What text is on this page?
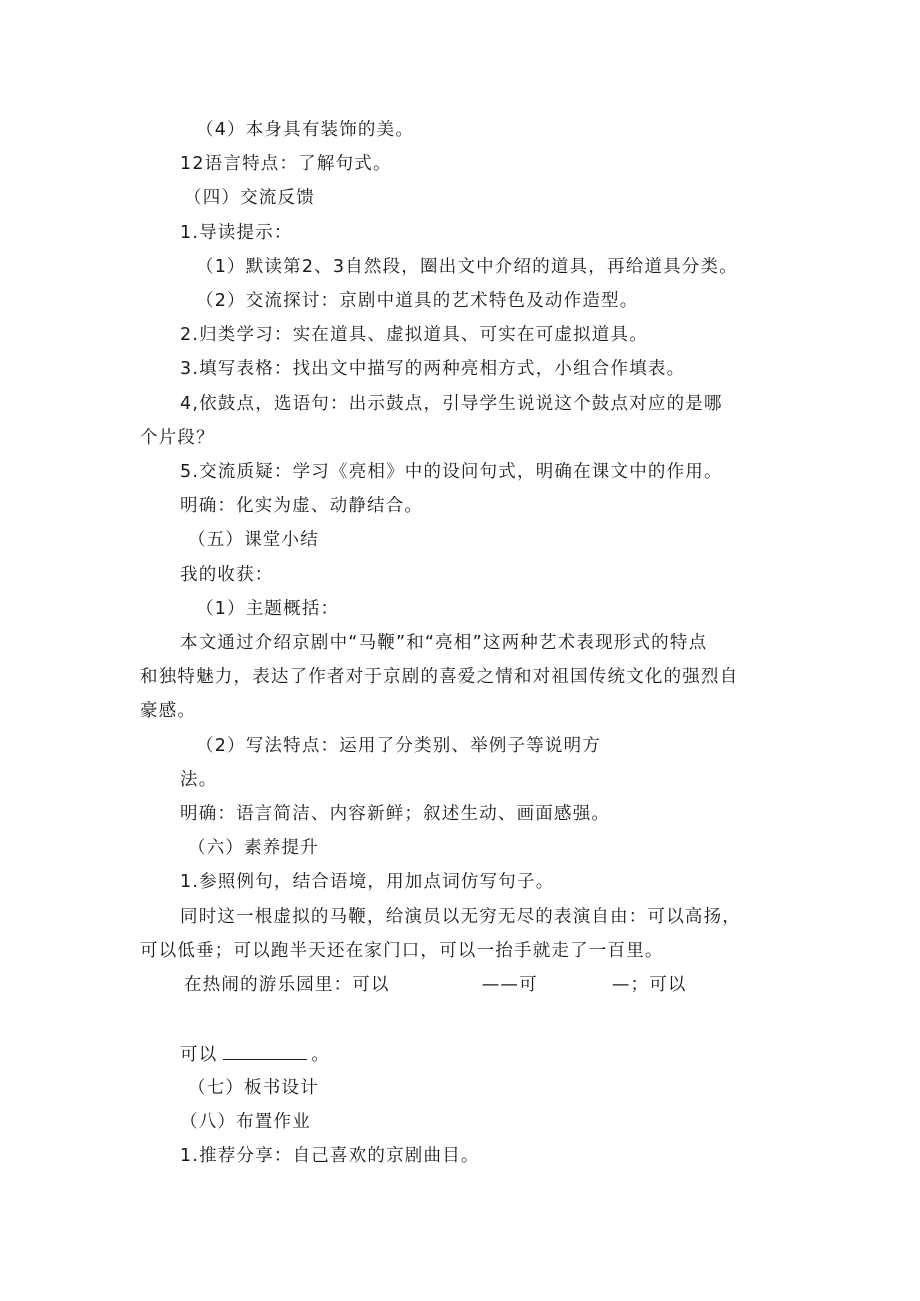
（4）本身具有装饰的美。
12语言特点：了解句式。
（四）交流反馈
1.导读提示：
（1）默读第2、3自然段，圈出文中介绍的道具，再给道具分类。
（2）交流探讨：京剧中道具的艺术特色及动作造型。
2.归类学习：实在道具、虚拟道具、可实在可虚拟道具。
3.填写表格：找出文中描写的两种亮相方式，小组合作填表。
4,依鼓点，选语句：出示鼓点，引导学生说说这个鼓点对应的是哪
个片段？
5.交流质疑：学习《亮相》中的设问句式，明确在课文中的作用。
明确：化实为虚、动静结合。
（五）课堂小结
我的收获：
（1）主题概括：
本文通过介绍京剧中“马鞭”和“亮相”这两种艺术表现形式的特点
和独特魅力，表达了作者对于京剧的喜爱之情和对祖国传统文化的强烈自
豪感。
（2）写法特点：运用了分类别、举例子等说明方
法。
明确：语言简洁、内容新鲜；叙述生动、画面感强。
（六）素养提升
1.参照例句，结合语境，用加点词仿写句子。
同时这一根虚拟的马鞭，给演员以无穷无尽的表演自由：可以高扬，
可以低垂；可以跑半天还在家门口，可以一抬手就走了一百里。
在热闹的游乐园里：可以	——可	—；可以
可以	。
（七）板书设计
（八）布置作业
1.推荐分享：自己喜欢的京剧曲目。
